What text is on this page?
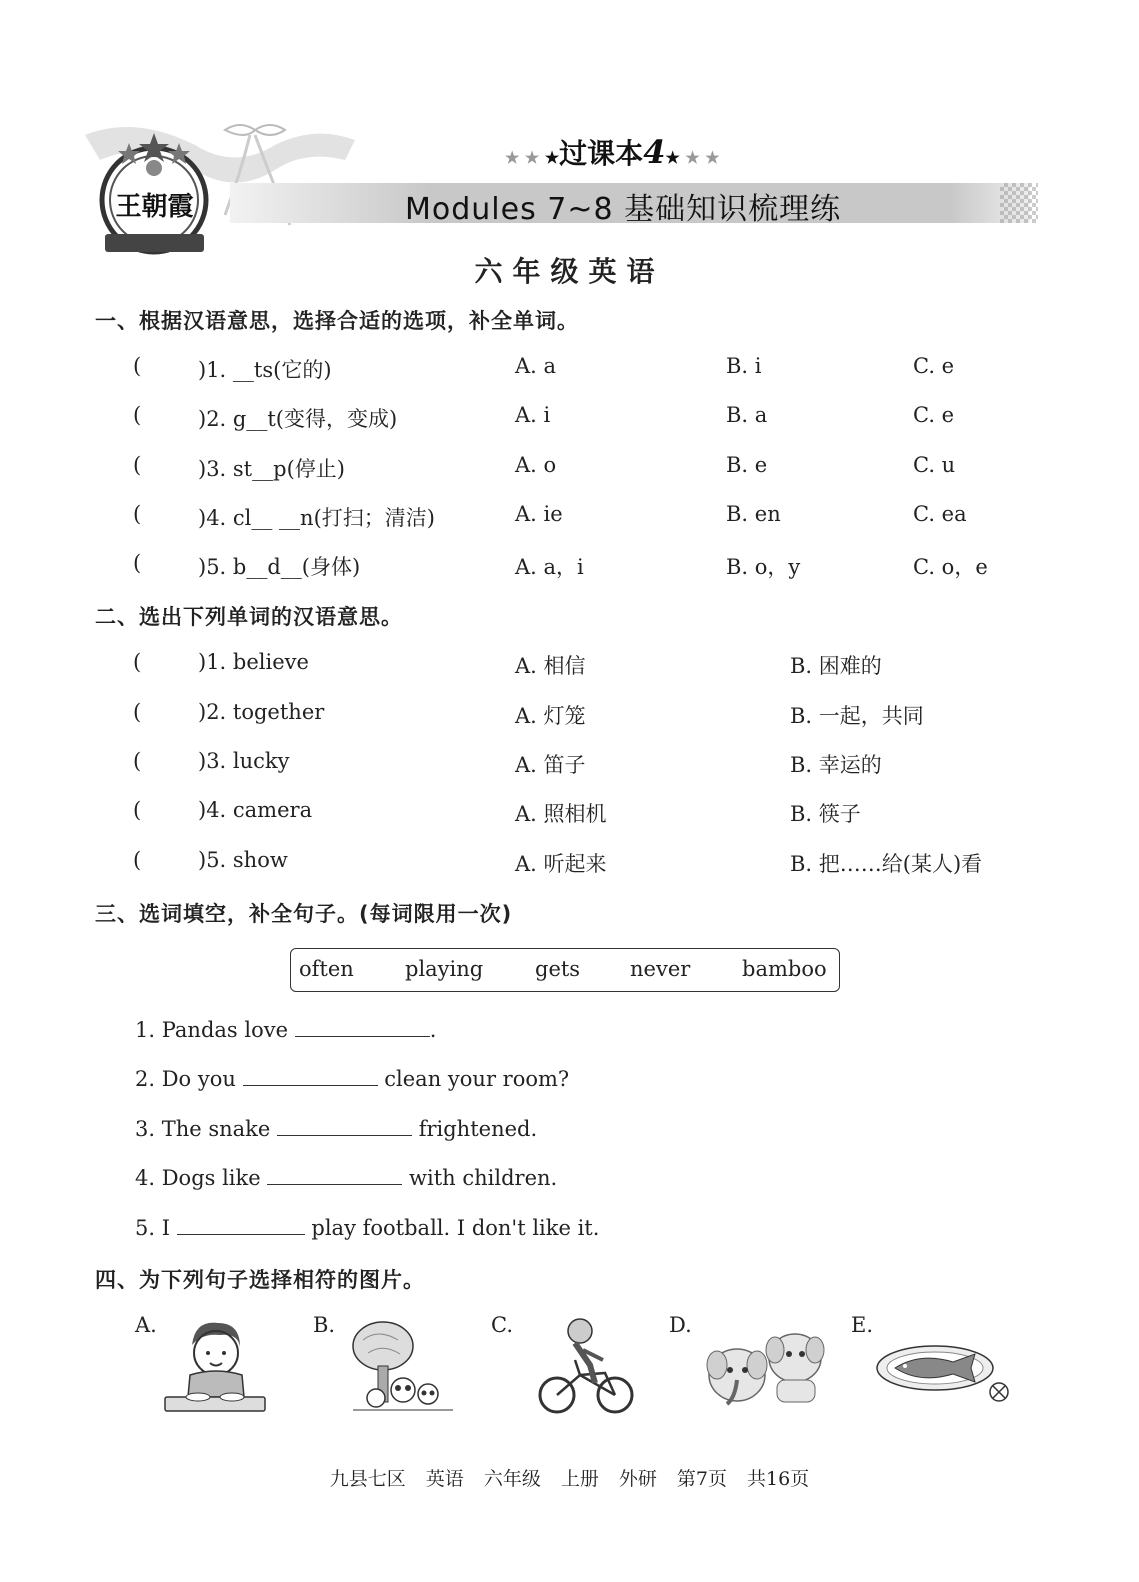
王朝霞
★ ★ ★过课本4★ ★ ★
Modules 7~8 基础知识梳理练
六年级英语
一、根据汉语意思，选择合适的选项，补全单词。
(	)1. __ts(它的)	A. a	B. i	C. e
(	)2. g__t(变得，变成)	A. i	B. a	C. e
(	)3. st__p(停止)	A. o	B. e	C. u
(	)4. cl__ __n(打扫；清洁)	A. ie	B. en	C. ea
(	)5. b__d__(身体)	A. a，i	B. o，y	C. o，e
二、选出下列单词的汉语意思。
(	)1. believe	A. 相信	B. 困难的
(	)2. together	A. 灯笼	B. 一起，共同
(	)3. lucky	A. 笛子	B. 幸运的
(	)4. camera	A. 照相机	B. 筷子
(	)5. show	A. 听起来	B. 把……给(某人)看
三、选词填空，补全句子。(每词限用一次)
often playing gets never bamboo
1. Pandas love	.
2. Do you	clean your room?
3. The snake	frightened.
4. Dogs like	with children.
5. I	play football. I don't like it.
四、为下列句子选择相符的图片。
A.	B.	C.	D.	E.
九县七区 英语 六年级 上册 外研 第7页 共16页
